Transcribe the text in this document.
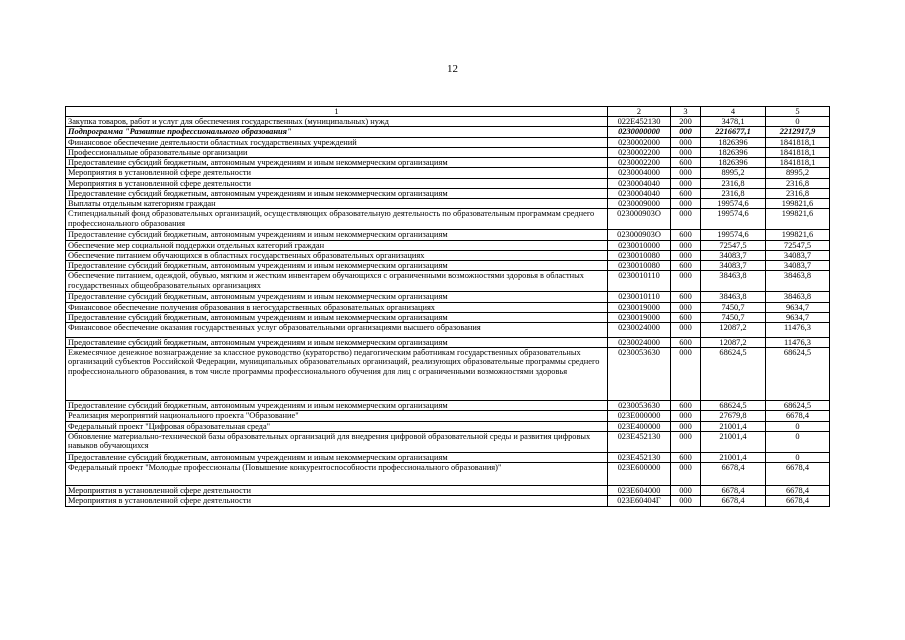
12
1	2	3	4	5
Закупка товаров, работ и услуг для обеспечения государственных (муниципальных) нужд	022E452130	200	3478,1	0
Подпрограмма "Развитие профессионального образования"	0230000000	000	2216677,1	2212917,9
Финансовое обеспечение деятельности областных государственных учреждений	0230002000	000	1826396	1841818,1
Профессиональные образовательные организации	0230002200	000	1826396	1841818,1
Предоставление субсидий бюджетным, автономным учреждениям и иным некоммерческим организациям	0230002200	600	1826396	1841818,1
Мероприятия в установленной сфере деятельности	0230004000	000	8995,2	8995,2
Мероприятия в установленной сфере деятельности	0230004040	000	2316,8	2316,8
Предоставление субсидий бюджетным, автономным учреждениям и иным некоммерческим организациям	0230004040	600	2316,8	2316,8
Выплаты отдельным категориям граждан	0230009000	000	199574,6	199821,6
Стипендиальный фонд образовательных организаций, осуществляющих образовательную деятельность по образовательным программам среднего профессионального образования	023000903О	000	199574,6	199821,6
Предоставление субсидий бюджетным, автономным учреждениям и иным некоммерческим организациям	023000903О	600	199574,6	199821,6
Обеспечение мер социальной поддержки отдельных категорий граждан	0230010000	000	72547,5	72547,5
Обеспечение питанием обучающихся в областных государственных образовательных организациях	0230010080	000	34083,7	34083,7
Предоставление субсидий бюджетным, автономным учреждениям и иным некоммерческим организациям	0230010080	600	34083,7	34083,7
Обеспечение питанием, одеждой, обувью, мягким и жестким инвентарем обучающихся с ограниченными возможностями здоровья в областных государственных общеобразовательных организациях	0230010110	000	38463,8	38463,8
Предоставление субсидий бюджетным, автономным учреждениям и иным некоммерческим организациям	0230010110	600	38463,8	38463,8
Финансовое обеспечение получения образования в негосударственных образовательных организациях	0230019000	000	7450,7	9634,7
Предоставление субсидий бюджетным, автономным учреждениям и иным некоммерческим организациям	0230019000	600	7450,7	9634,7
Финансовое обеспечение оказания государственных услуг образовательными организациями высшего образования	0230024000	000	12087,2	11476,3
Предоставление субсидий бюджетным, автономным учреждениям и иным некоммерческим организациям	0230024000	600	12087,2	11476,3
Ежемесячное денежное вознаграждение за классное руководство (кураторство) педагогическим работникам государственных образовательных организаций субъектов Российской Федерации, муниципальных образовательных организаций, реализующих образовательные программы среднего профессионального образования, в том числе программы профессионального обучения для лиц с ограниченными возможностями здоровья	0230053630	000	68624,5	68624,5
Предоставление субсидий бюджетным, автономным учреждениям и иным некоммерческим организациям	0230053630	600	68624,5	68624,5
Реализация мероприятий национального проекта "Образование"	023E000000	000	27679,8	6678,4
Федеральный проект "Цифровая образовательная среда"	023E400000	000	21001,4	0
Обновление материально-технической базы образовательных организаций для внедрения цифровой образовательной среды и развития цифровых навыков обучающихся	023E452130	000	21001,4	0
Предоставление субсидий бюджетным, автономным учреждениям и иным некоммерческим организациям	023E452130	600	21001,4	0
Федеральный проект "Молодые профессионалы (Повышение конкурентоспособности профессионального образования)"	023E600000	000	6678,4	6678,4
Мероприятия в установленной сфере деятельности	023E604000	000	6678,4	6678,4
Мероприятия в установленной сфере деятельности	023E60404Г	000	6678,4	6678,4
